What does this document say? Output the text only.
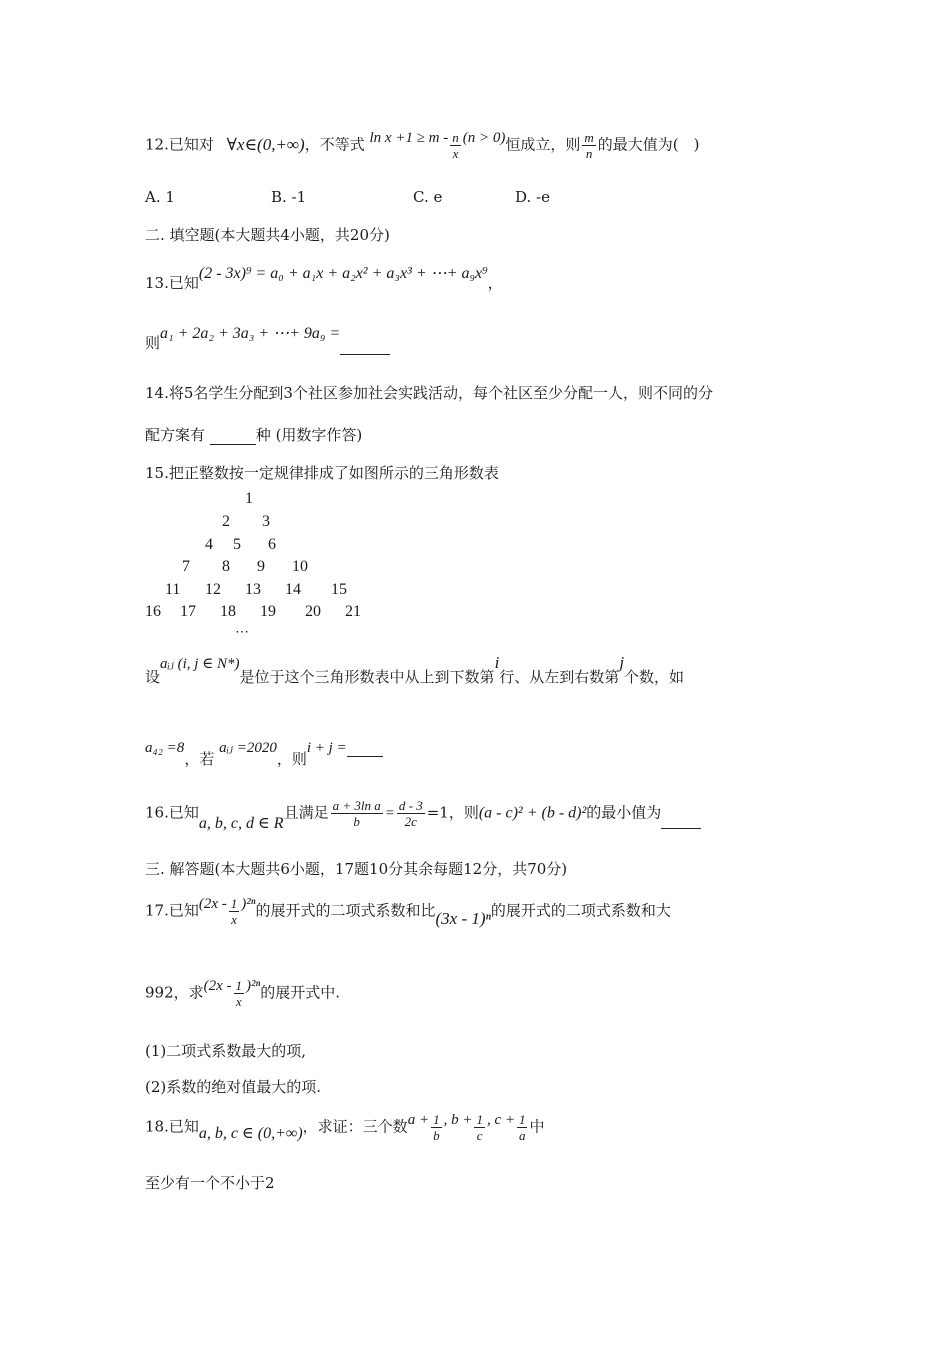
12.已知对 ∀x∈(0,+∞)，不等式 $\ln x +1 \ge m - \frac{n}{x} (n > 0)$恒成立，则 $\frac{m}{n}$ 的最大值为(　)
A. 1	B. -1	C. e	D. -e
二. 填空题(本大题共4小题，共20分)
13.已知(2 - 3x)⁹ = a₀ + a₁x + a₂x² + a₃x³ + ⋯+ a₉x⁹，
则a₁ + 2a₂ + 3a₃ + ⋯+ 9a₉ =
14.将5名学生分配到3个社区参加社会实践活动，每个社区至少分配一人，则不同的分
配方案有	种 (用数字作答)
15.把正整数按一定规律排成了如图所示的三角形数表
1
2 3
4 5 6
7 8 9 10
11 12 13 14 15
16 17 18 19 20 21
⋯
设aᵢⱼ (i, j ∈ N*)是位于这个三角形数表中从上到下数第i行、从左到右数第j个数，如
a₄₂ =8，若 aᵢⱼ =2020，则i + j =
16.已知a, b, c, d ∈ R且满足 $\frac{\text{a + 3ln a}}{b} = \frac{d - 3}{2c} =1$，则(a - c)² + (b - d)²的最小值为
三. 解答题(本大题共6小题，17题10分其余每题12分，共70分)
17.已知$(2x - \frac{1}{x} )^{2n}$的展开式的二项式系数和比(3x - 1)ⁿ的展开式的二项式系数和大
992，求$(2x - \frac{1}{x} )^{2n}$的展开式中.
(1)二项式系数最大的项,
(2)系数的绝对值最大的项.
18.已知a, b, c ∈ (0,+∞)，求证：三个数$a + \frac{1}{b}$ , $b + \frac{1}{c}$ , $c + \frac{1}{a}$ 中
至少有一个不小于2
